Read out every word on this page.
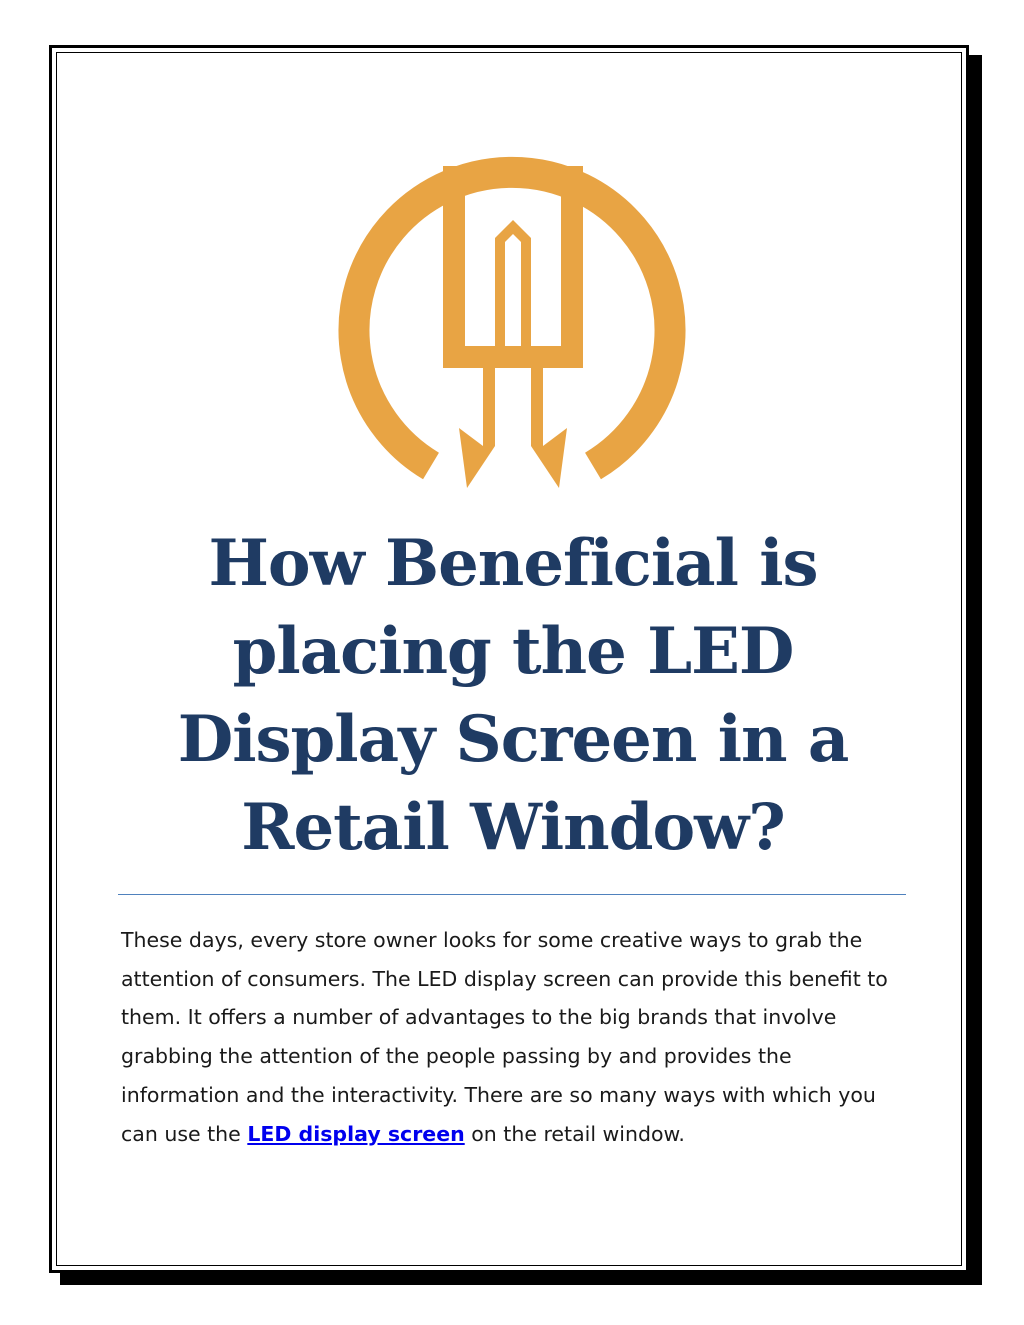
How Beneficial is
placing the LED
Display Screen in a
Retail Window?

These days, every store owner looks for some creative ways to grab the attention of consumers. The LED display screen can provide this benefit to them. It offers a number of advantages to the big brands that involve grabbing the attention of the people passing by and provides the information and the interactivity. There are so many ways with which you can use the LED display screen on the retail window.
